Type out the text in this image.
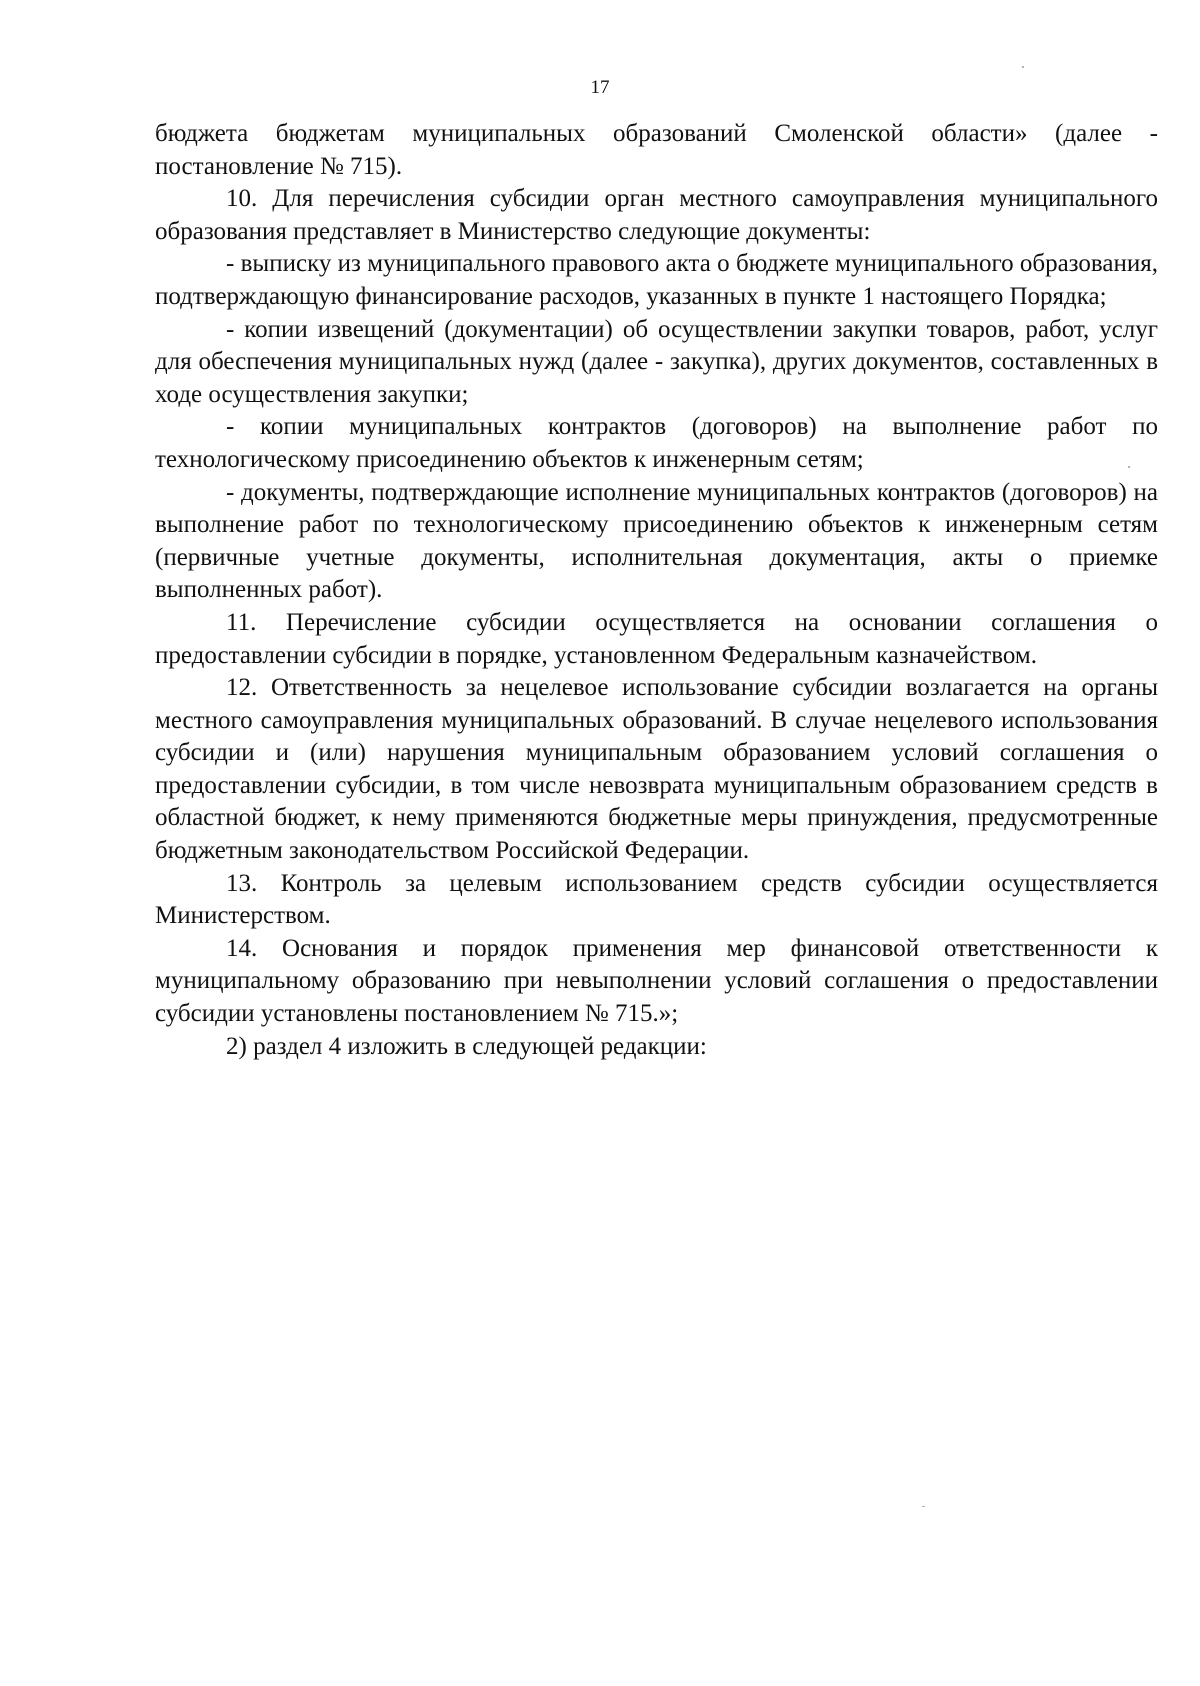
17

бюджета бюджетам муниципальных образований Смоленской области» (далее - постановление № 715).

10. Для перечисления субсидии орган местного самоуправления муниципального образования представляет в Министерство следующие документы:

- выписку из муниципального правового акта о бюджете муниципального образования, подтверждающую финансирование расходов, указанных в пункте 1 настоящего Порядка;

- копии извещений (документации) об осуществлении закупки товаров, работ, услуг для обеспечения муниципальных нужд (далее - закупка), других документов, составленных в ходе осуществления закупки;

- копии муниципальных контрактов (договоров) на выполнение работ по технологическому присоединению объектов к инженерным сетям;

- документы, подтверждающие исполнение муниципальных контрактов (договоров) на выполнение работ по технологическому присоединению объектов к инженерным сетям (первичные учетные документы, исполнительная документация, акты о приемке выполненных работ).

11. Перечисление субсидии осуществляется на основании соглашения о предоставлении субсидии в порядке, установленном Федеральным казначейством.

12. Ответственность за нецелевое использование субсидии возлагается на органы местного самоуправления муниципальных образований. В случае нецелевого использования субсидии и (или) нарушения муниципальным образованием условий соглашения о предоставлении субсидии, в том числе невозврата муниципальным образованием средств в областной бюджет, к нему применяются бюджетные меры принуждения, предусмотренные бюджетным законодательством Российской Федерации.

13. Контроль за целевым использованием средств субсидии осуществляется Министерством.

14. Основания и порядок применения мер финансовой ответственности к муниципальному образованию при невыполнении условий соглашения о предоставлении субсидии установлены постановлением № 715.»;

2) раздел 4 изложить в следующей редакции:
